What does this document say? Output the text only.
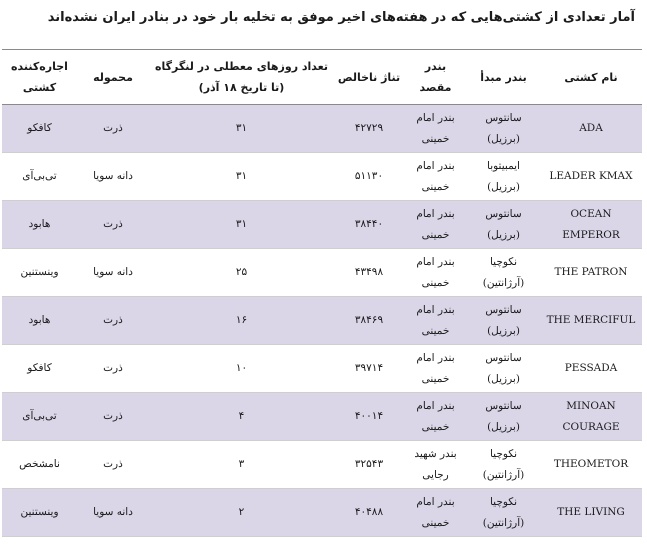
آمار تعدادی از کشتی‌هایی که در هفته‌های اخیر موفق به تخلیه بار خود در بنادر ایران نشده‌اند
نام کشتی	بندر مبدأ	بندر مقصد	تناژ ناخالص	تعداد روزهای معطلی در لنگرگاه (تا تاریخ ۱۸ آذر)	محموله	اجاره‌کننده کشتی
ADA	سانتوس (برزیل)	بندر امام خمینی	۴۲۷۲۹	۳۱	ذرت	کافکو
LEADER KMAX	ایمبیتوبا (برزیل)	بندر امام خمینی	۵۱۱۳۰	۳۱	دانه سویا	تی‌بی‌آی
OCEAN EMPEROR	سانتوس (برزیل)	بندر امام خمینی	۳۸۴۴۰	۳۱	ذرت	هابود
THE PATRON	نکوچیا (آرژانتین)	بندر امام خمینی	۴۳۴۹۸	۲۵	دانه سویا	وینستنین
THE MERCIFUL	سانتوس (برزیل)	بندر امام خمینی	۳۸۴۶۹	۱۶	ذرت	هابود
PESSADA	سانتوس (برزیل)	بندر امام خمینی	۳۹۷۱۴	۱۰	ذرت	کافکو
MINOAN COURAGE	سانتوس (برزیل)	بندر امام خمینی	۴۰۰۱۴	۴	ذرت	تی‌بی‌آی
THEOMETOR	نکوچیا (آرژانتین)	بندر شهید رجایی	۳۲۵۴۳	۳	ذرت	نامشخص
THE LIVING	نکوچیا (آرژانتین)	بندر امام خمینی	۴۰۴۸۸	۲	دانه سویا	وینستنین
